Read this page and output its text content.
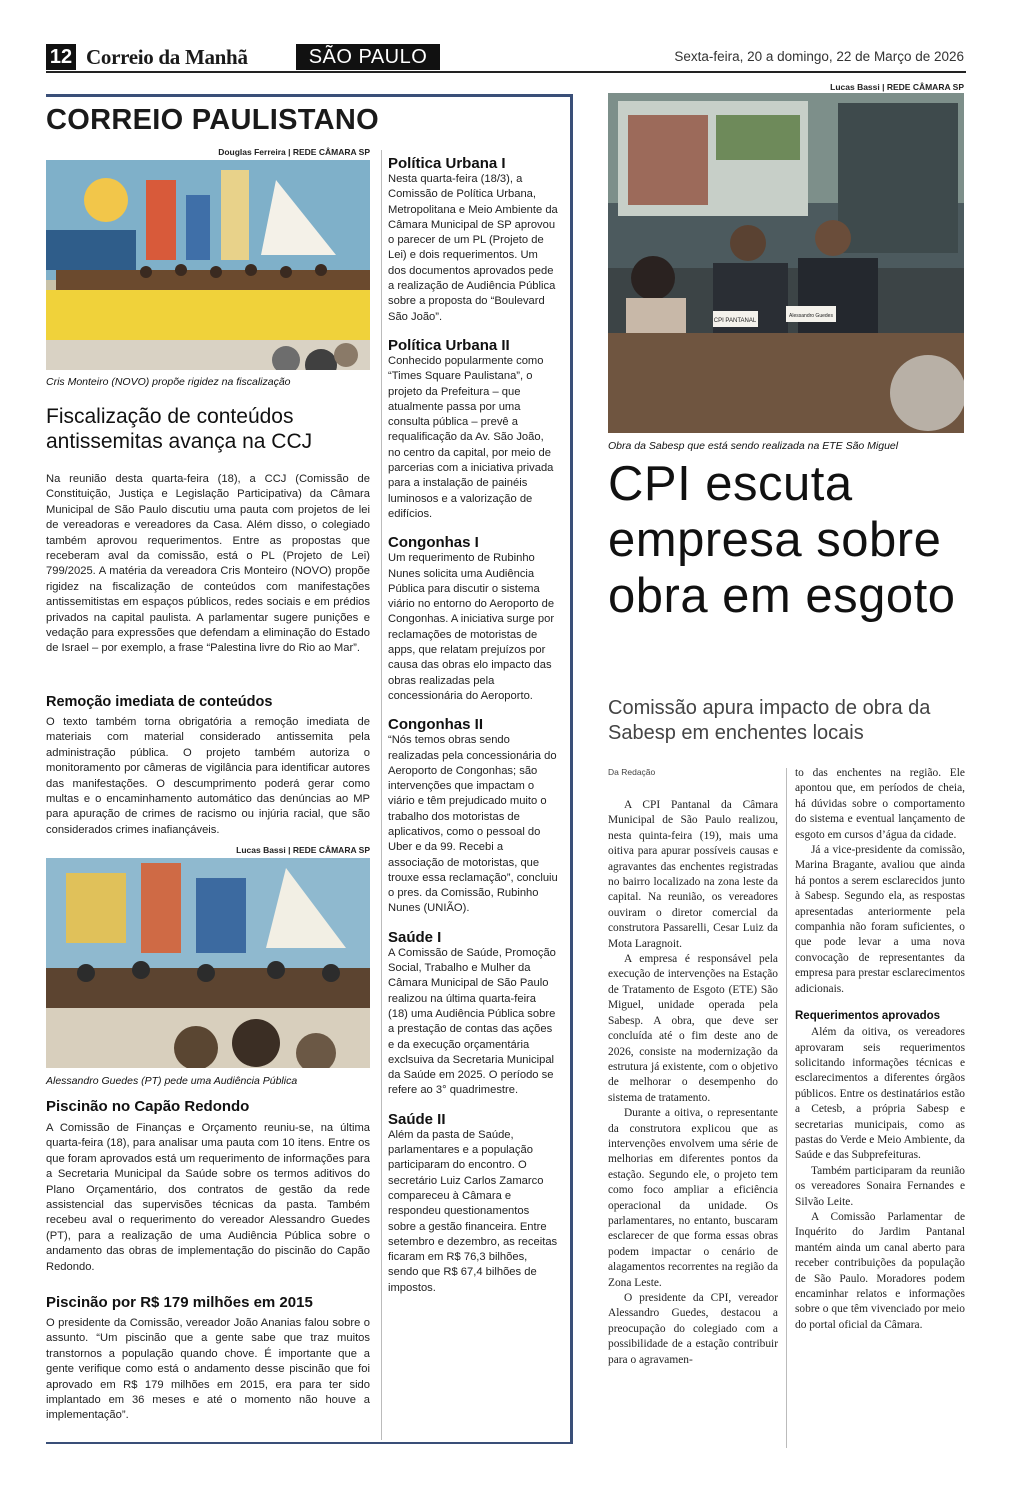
12 Correio da Manhã	SÃO PAULO	Sexta-feira, 20 a domingo, 22 de Março de 2026
CORREIO PAULISTANO
Douglas Ferreira | REDE CÂMARA SP
Cris Monteiro (NOVO) propõe rigidez na fiscalização
Fiscalização de conteúdos antissemitas avança na CCJ
Na reunião desta quarta-feira (18), a CCJ (Comissão de Constituição, Justiça e Legislação Participativa) da Câmara Municipal de São Paulo discutiu uma pauta com projetos de lei de vereadoras e vereadores da Casa. Além disso, o colegiado também aprovou requerimentos. Entre as propostas que receberam aval da comissão, está o PL (Projeto de Lei) 799/2025. A matéria da vereadora Cris Monteiro (NOVO) propõe rigidez na fiscalização de conteúdos com manifestações antissemitistas em espaços públicos, redes sociais e em prédios privados na capital paulista. A parlamentar sugere punições e vedação para expressões que defendam a eliminação do Estado de Israel – por exemplo, a frase “Palestina livre do Rio ao Mar”.
Remoção imediata de conteúdos
O texto também torna obrigatória a remoção imediata de materiais com material considerado antissemita pela administração pública. O projeto também autoriza o monitoramento por câmeras de vigilância para identificar autores das manifestações. O descumprimento poderá gerar como multas e o encaminhamento automático das denúncias ao MP para apuração de crimes de racismo ou injúria racial, que são considerados crimes inafiançáveis.
Lucas Bassi | REDE CÂMARA SP
Alessandro Guedes (PT) pede uma Audiência Pública
Piscinão no Capão Redondo
A Comissão de Finanças e Orçamento reuniu-se, na última quarta-feira (18), para analisar uma pauta com 10 itens. Entre os que foram aprovados está um requerimento de informações para a Secretaria Municipal da Saúde sobre os termos aditivos do Plano Orçamentário, dos contratos de gestão da rede assistencial das supervisões técnicas da pasta. Também recebeu aval o requerimento do vereador Alessandro Guedes (PT), para a realização de uma Audiência Pública sobre o andamento das obras de implementação do piscinão do Capão Redondo.
Piscinão por R$ 179 milhões em 2015
O presidente da Comissão, vereador João Ananias falou sobre o assunto. “Um piscinão que a gente sabe que traz muitos transtornos a população quando chove. É importante que a gente verifique como está o andamento desse piscinão que foi aprovado em R$ 179 milhões em 2015, era para ter sido implantado em 36 meses e até o momento não houve a implementação”.
Política Urbana I
Nesta quarta-feira (18/3), a Comissão de Política Urbana, Metropolitana e Meio Ambiente da Câmara Municipal de SP aprovou o parecer de um PL (Projeto de Lei) e dois requerimentos. Um dos documentos aprovados pede a realização de Audiência Pública sobre a proposta do “Boulevard São João”.
Política Urbana II
Conhecido popularmente como “Times Square Paulistana”, o projeto da Prefeitura – que atualmente passa por uma consulta pública – prevê a requalificação da Av. São João, no centro da capital, por meio de parcerias com a iniciativa privada para a instalação de painéis luminosos e a valorização de edifícios.
Congonhas I
Um requerimento de Rubinho Nunes solicita uma Audiência Pública para discutir o sistema viário no entorno do Aeroporto de Congonhas. A iniciativa surge por reclamações de motoristas de apps, que relatam prejuízos por causa das obras elo impacto das obras realizadas pela concessionária do Aeroporto.
Congonhas II
“Nós temos obras sendo realizadas pela concessionária do Aeroporto de Congonhas; são intervenções que impactam o viário e têm prejudicado muito o trabalho dos motoristas de aplicativos, como o pessoal do Uber e da 99. Recebi a associação de motoristas, que trouxe essa reclamação”, concluiu o pres. da Comissão, Rubinho Nunes (UNIÃO).
Saúde I
A Comissão de Saúde, Promoção Social, Trabalho e Mulher da Câmara Municipal de São Paulo realizou na última quarta-feira (18) uma Audiência Pública sobre a prestação de contas das ações e da execução orçamentária exclsuiva da Secretaria Municipal da Saúde em 2025. O período se refere ao 3° quadrimestre.
Saúde II
Além da pasta de Saúde, parlamentares e a população participaram do encontro. O secretário Luiz Carlos Zamarco compareceu à Câmara e respondeu questionamentos sobre a gestão financeira. Entre setembro e dezembro, as receitas ficaram em R$ 76,3 bilhões, sendo que R$ 67,4 bilhões de impostos.
Lucas Bassi | REDE CÂMARA SP
CPI PANTANAL
Alessandro Guedes
Obra da Sabesp que está sendo realizada na ETE São Miguel
CPI escuta empresa sobre obra em esgoto
Comissão apura impacto de obra da Sabesp em enchentes locais
Da Redação

A CPI Pantanal da Câmara Municipal de São Paulo realizou, nesta quinta-feira (19), mais uma oitiva para apurar possíveis causas e agravantes das enchentes registradas no bairro localizado na zona leste da capital. Na reunião, os vereadores ouviram o diretor comercial da construtora Passarelli, Cesar Luiz da Mota Laragnoit.

A empresa é responsável pela execução de intervenções na Estação de Tratamento de Esgoto (ETE) São Miguel, unidade operada pela Sabesp. A obra, que deve ser concluída até o fim deste ano de 2026, consiste na modernização da estrutura já existente, com o objetivo de melhorar o desempenho do sistema de tratamento.

Durante a oitiva, o representante da construtora explicou que as intervenções envolvem uma série de melhorias em diferentes pontos da estação. Segundo ele, o projeto tem como foco ampliar a eficiência operacional da unidade. Os parlamentares, no entanto, buscaram esclarecer de que forma essas obras podem impactar o cenário de alagamentos recorrentes na região da Zona Leste.

O presidente da CPI, vereador Alessandro Guedes, destacou a preocupação do colegiado com a possibilidade de a estação contribuir para o agravamen-

to das enchentes na região. Ele apontou que, em períodos de cheia, há dúvidas sobre o comportamento do sistema e eventual lançamento de esgoto em cursos d’água da cidade.

Já a vice-presidente da comissão, Marina Bragante, avaliou que ainda há pontos a serem esclarecidos junto à Sabesp. Segundo ela, as respostas apresentadas anteriormente pela companhia não foram suficientes, o que pode levar a uma nova convocação de representantes da empresa para prestar esclarecimentos adicionais.

Requerimentos aprovados

Além da oitiva, os vereadores aprovaram seis requerimentos solicitando informações técnicas e esclarecimentos a diferentes órgãos públicos. Entre os destinatários estão a Cetesb, a própria Sabesp e secretarias municipais, como as pastas do Verde e Meio Ambiente, da Saúde e das Subprefeituras.

Também participaram da reunião os vereadores Sonaira Fernandes e Silvão Leite.

A Comissão Parlamentar de Inquérito do Jardim Pantanal mantém ainda um canal aberto para receber contribuições da população de São Paulo. Moradores podem encaminhar relatos e informações sobre o que têm vivenciado por meio do portal oficial da Câmara.
